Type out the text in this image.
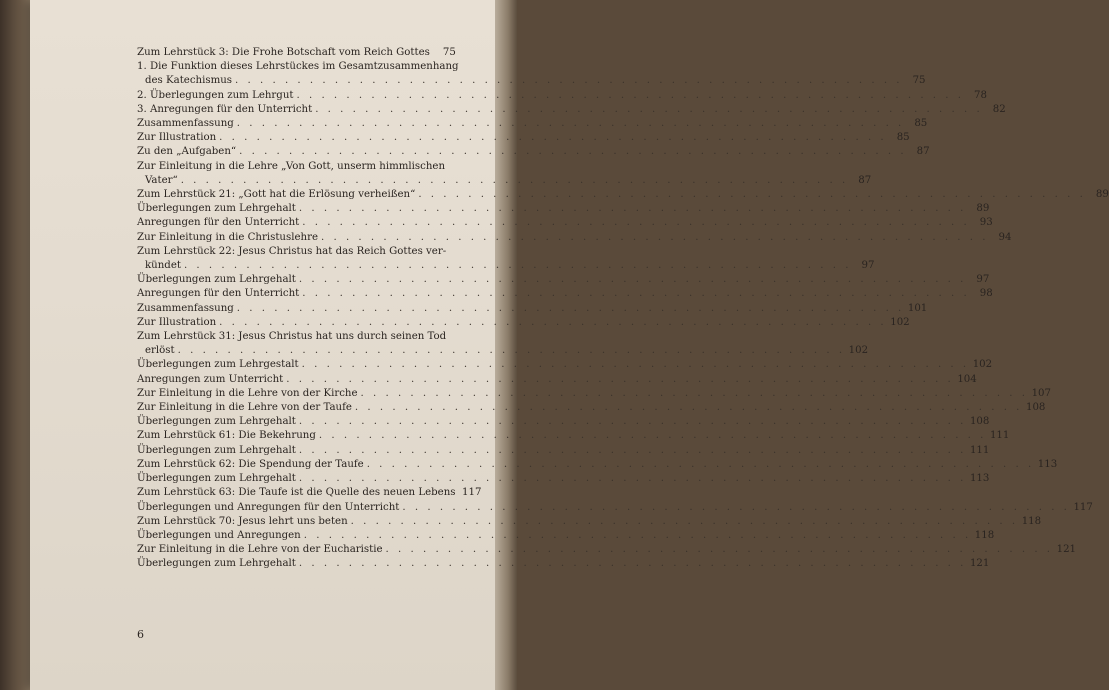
Zum Lehrstück 3: Die Frohe Botschaft vom Reich Gottes	75
1. Die Funktion dieses Lehrstückes im Gesamtzusammenhang
des Katechismus . . .	75
2. Überlegungen zum Lehrgut . . .	78
3. Anregungen für den Unterricht . . .	82
Zusammenfassung . . .	85
Zur Illustration . . .	85
Zu den „Aufgaben“ . . .	87
Zur Einleitung in die Lehre „Von Gott, unserm himmlischen
Vater“ . . .	87
Zum Lehrstück 21: „Gott hat die Erlösung verheißen“ . . .	89
Überlegungen zum Lehrgehalt . . .	89
Anregungen für den Unterricht . . .	93
Zur Einleitung in die Christuslehre . . .	94
Zum Lehrstück 22: Jesus Christus hat das Reich Gottes ver-
kündet . . .	97
Überlegungen zum Lehrgehalt . . .	97
Anregungen für den Unterricht . . .	98
Zusammenfassung . . .	101
Zur Illustration . . .	102
Zum Lehrstück 31: Jesus Christus hat uns durch seinen Tod
erlöst . . .	102
Überlegungen zum Lehrgestalt . . .	102
Anregungen zum Unterricht . . .	104
Zur Einleitung in die Lehre von der Kirche . . .	107
Zur Einleitung in die Lehre von der Taufe . . .	108
Überlegungen zum Lehrgehalt . . .	108
Zum Lehrstück 61: Die Bekehrung . . .	111
Überlegungen zum Lehrgehalt . . .	111
Zum Lehrstück 62: Die Spendung der Taufe . . .	113
Überlegungen zum Lehrgehalt . . .	113
Zum Lehrstück 63: Die Taufe ist die Quelle des neuen Lebens 117
Überlegungen und Anregungen für den Unterricht . . .	117
Zum Lehrstück 70: Jesus lehrt uns beten . . .	118
Überlegungen und Anregungen . . .	118
Zur Einleitung in die Lehre von der Eucharistie . . .	121
Überlegungen zum Lehrgehalt . . .	121
6
